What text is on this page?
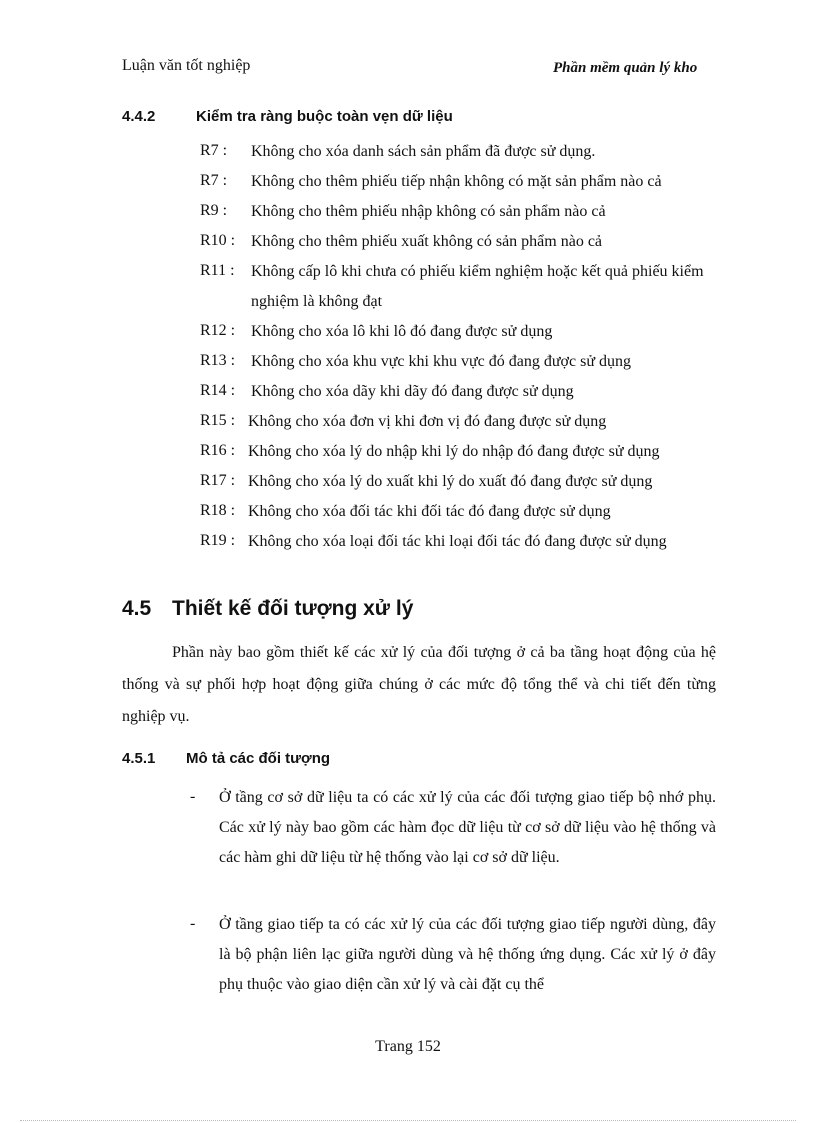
Luận văn tốt nghiệp	Phần mềm quản lý kho
4.4.2	Kiểm tra ràng buộc toàn vẹn dữ liệu
R7 : Không cho xóa danh sách sản phẩm đã được sử dụng.
R7 : Không cho thêm phiếu tiếp nhận không có mặt sản phẩm nào cả
R9 : Không cho thêm phiếu nhập không có sản phẩm nào cả
R10 : Không cho thêm phiếu xuất không có sản phẩm nào cả
R11 : Không cấp lô khi chưa có phiếu kiểm nghiệm hoặc kết quả phiếu kiểm nghiệm là không đạt
R12 : Không cho xóa lô khi lô đó đang được sử dụng
R13 : Không cho xóa khu vực khi khu vực đó đang được sử dụng
R14 : Không cho xóa dãy khi dãy đó đang được sử dụng
R15 : Không cho xóa đơn vị khi đơn vị đó đang được sử dụng
R16 : Không cho xóa lý do nhập khi lý do nhập đó đang được sử dụng
R17 : Không cho xóa lý do xuất khi lý do xuất đó đang được sử dụng
R18 : Không cho xóa đối tác khi đối tác đó đang được sử dụng
R19 : Không cho xóa loại đối tác khi loại đối tác đó đang được sử dụng
4.5 Thiết kế đối tượng xử lý
Phần này bao gồm thiết kế các xử lý của đối tượng ở cả ba tầng hoạt động của hệ thống và sự phối hợp hoạt động giữa chúng ở các mức độ tổng thể và chi tiết đến từng nghiệp vụ.
4.5.1 Mô tả các đối tượng
- Ở tầng cơ sở dữ liệu ta có các xử lý của các đối tượng giao tiếp bộ nhớ phụ. Các xử lý này bao gồm các hàm đọc dữ liệu từ cơ sở dữ liệu vào hệ thống và các hàm ghi dữ liệu từ hệ thống vào lại cơ sở dữ liệu.
- Ở tầng giao tiếp ta có các xử lý của các đối tượng giao tiếp người dùng, đây là bộ phận liên lạc giữa người dùng và hệ thống ứng dụng. Các xử lý ở đây phụ thuộc vào giao diện cần xử lý và cài đặt cụ thể
Trang 152
